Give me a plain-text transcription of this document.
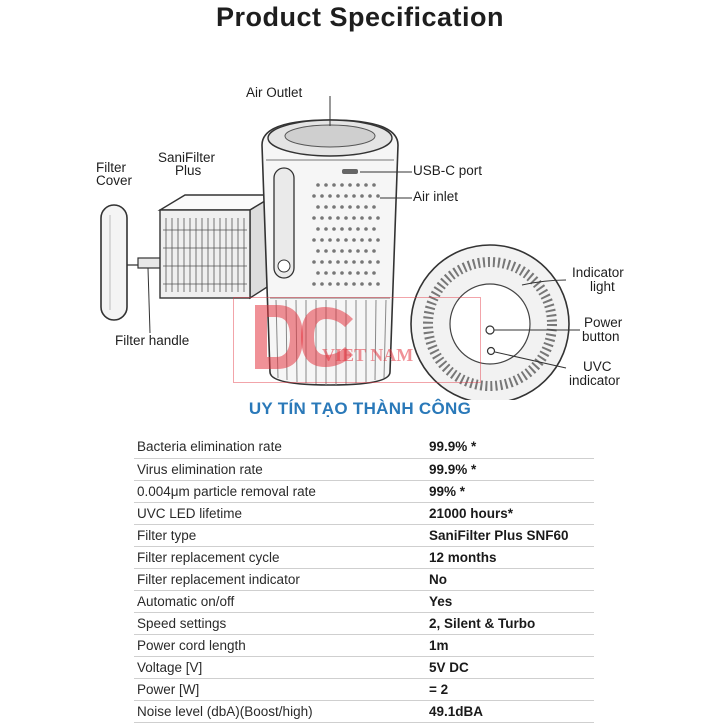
Product Specification
Air Outlet
Filter
Cover
SaniFilter
Plus	USB-C port
Air inlet
Filter handle
Indicator
light
Power
button
UVC
indicator
VIET NAM
UY TÍN TẠO THÀNH CÔNG
Bacteria elimination rate	99.9% *
Virus elimination rate	99.9% *
0.004μm particle removal rate	99% *
UVC LED lifetime	21000 hours*
Filter type	SaniFilter Plus SNF60
Filter replacement cycle	12 months
Filter replacement indicator	No
Automatic on/off	Yes
Speed settings	2, Silent & Turbo
Power cord length	1m
Voltage [V]	5V DC
Power [W]	= 2
Noise level (dbA)(Boost/high)	49.1dBA
